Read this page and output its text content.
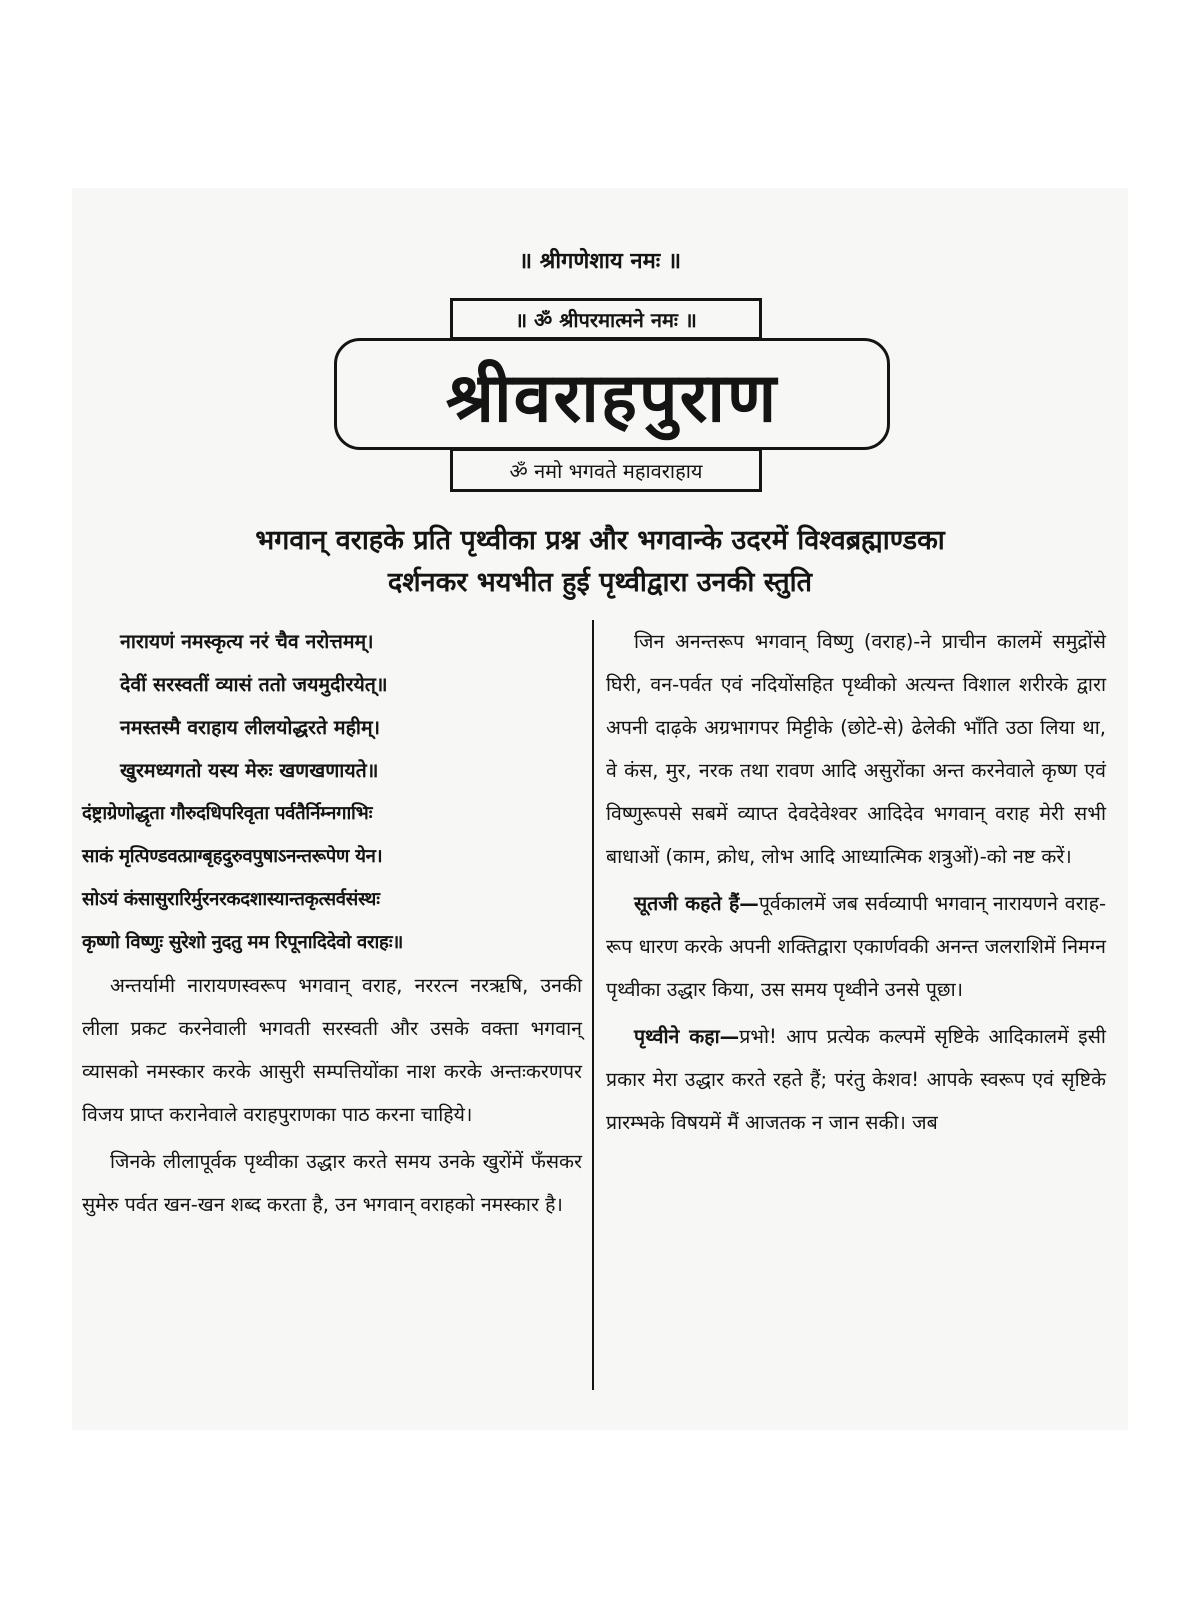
॥ श्रीगणेशाय नमः ॥
॥ ॐ श्रीपरमात्मने नमः ॥
श्रीवराहपुराण
ॐ नमो भगवते महावराहाय
भगवान् वराहके प्रति पृथ्वीका प्रश्न और भगवान्के उदरमें विश्वब्रह्माण्डका
दर्शनकर भयभीत हुई पृथ्वीद्वारा उनकी स्तुति
नारायणं नमस्कृत्य नरं चैव नरोत्तमम्।
देवीं सरस्वतीं व्यासं ततो जयमुदीरयेत्॥
नमस्तस्मै वराहाय लीलयोद्धरते महीम्।
खुरमध्यगतो यस्य मेरुः खणखणायते॥
दंष्ट्राग्रेणोद्धृता गौरुदधिपरिवृता पर्वतैर्निम्नगाभिः
साकं मृत्पिण्डवत्प्राग्बृहदुरुवपुषाऽनन्तरूपेण येन।
सोऽयं कंसासुरारिर्मुरनरकदशास्यान्तकृत्सर्वसंस्थः
कृष्णो विष्णुः सुरेशो नुदतु मम रिपूनादिदेवो वराहः॥

अन्तर्यामी नारायणस्वरूप भगवान् वराह, नररत्न नरऋषि, उनकी लीला प्रकट करनेवाली भगवती सरस्वती और उसके वक्ता भगवान् व्यासको नमस्कार करके आसुरी सम्पत्तियोंका नाश करके अन्तःकरणपर विजय प्राप्त करानेवाले वराहपुराणका पाठ करना चाहिये।

जिनके लीलापूर्वक पृथ्वीका उद्धार करते समय उनके खुरोंमें फँसकर सुमेरु पर्वत खन-खन शब्द करता है, उन भगवान् वराहको नमस्कार है।

जिन अनन्तरूप भगवान् विष्णु (वराह)-ने प्राचीन कालमें समुद्रोंसे घिरी, वन-पर्वत एवं नदियोंसहित पृथ्वीको अत्यन्त विशाल शरीरके द्वारा अपनी दाढ़के अग्रभागपर मिट्टीके (छोटे-से) ढेलेकी भाँति उठा लिया था, वे कंस, मुर, नरक तथा रावण आदि असुरोंका अन्त करनेवाले कृष्ण एवं विष्णुरूपसे सबमें व्याप्त देवदेवेश्वर आदिदेव भगवान् वराह मेरी सभी बाधाओं (काम, क्रोध, लोभ आदि आध्यात्मिक शत्रुओं)-को नष्ट करें।

सूतजी कहते हैं—पूर्वकालमें जब सर्वव्यापी भगवान् नारायणने वराह-रूप धारण करके अपनी शक्तिद्वारा एकार्णवकी अनन्त जलराशिमें निमग्न पृथ्वीका उद्धार किया, उस समय पृथ्वीने उनसे पूछा।

पृथ्वीने कहा—प्रभो! आप प्रत्येक कल्पमें सृष्टिके आदिकालमें इसी प्रकार मेरा उद्धार करते रहते हैं; परंतु केशव! आपके स्वरूप एवं सृष्टिके प्रारम्भके विषयमें मैं आजतक न जान सकी। जब
